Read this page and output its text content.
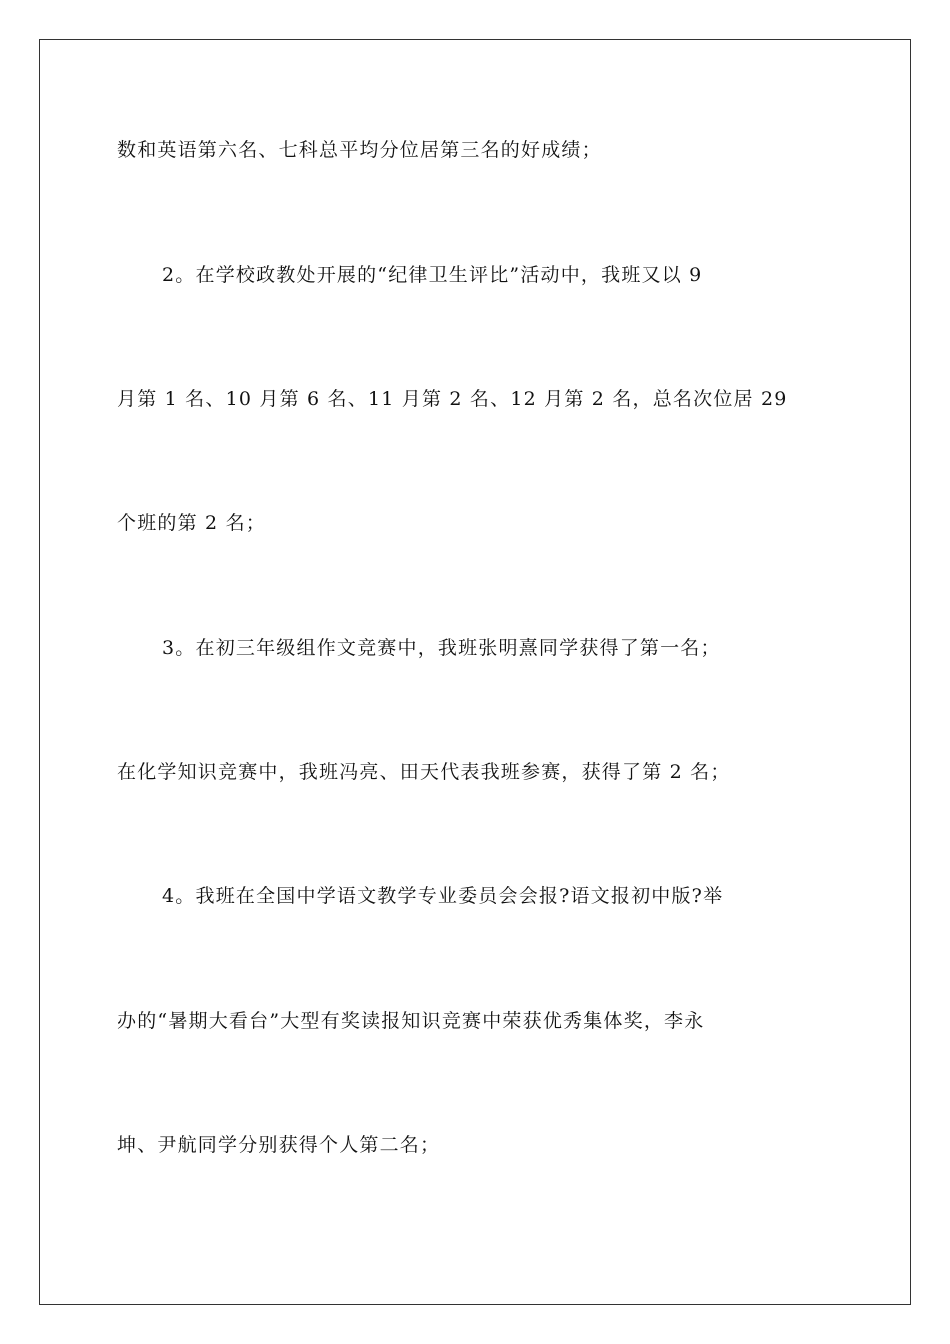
数和英语第六名、七科总平均分位居第三名的好成绩；
2。在学校政教处开展的“纪律卫生评比”活动中，我班又以 9
月第 1 名、10 月第 6 名、11 月第 2 名、12 月第 2 名，总名次位居 29
个班的第 2 名；
3。在初三年级组作文竞赛中，我班张明熹同学获得了第一名；
在化学知识竞赛中，我班冯亮、田天代表我班参赛，获得了第 2 名；
4。我班在全国中学语文教学专业委员会会报?语文报初中版?举
办的“暑期大看台”大型有奖读报知识竞赛中荣获优秀集体奖，李永
坤、尹航同学分别获得个人第二名；
